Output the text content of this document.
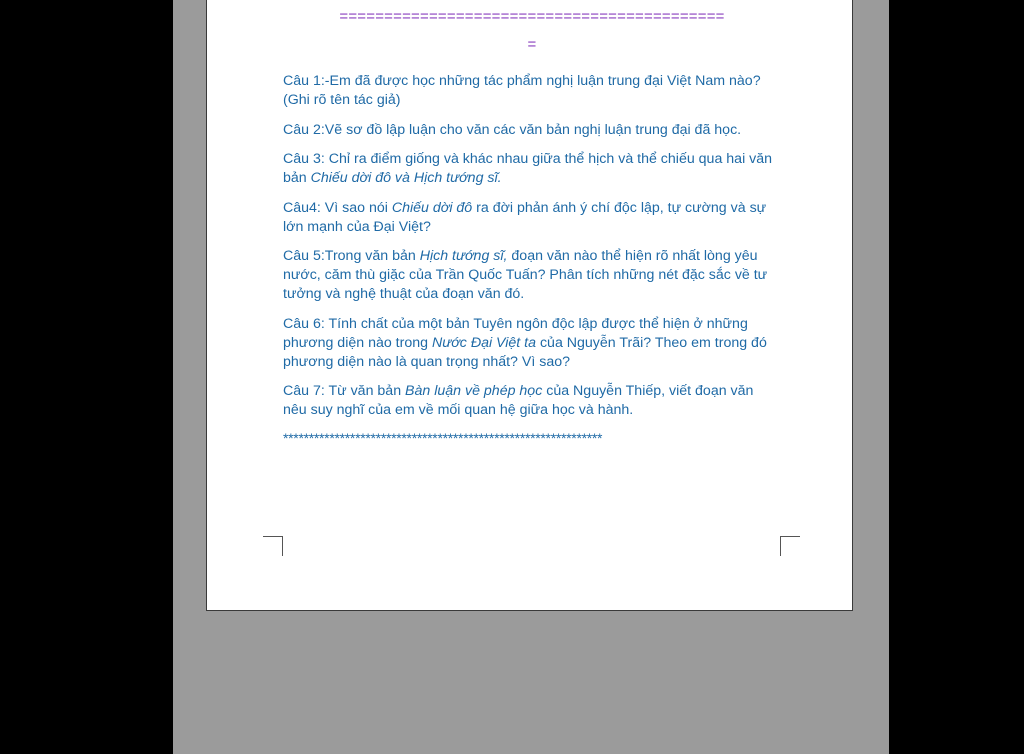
===========================================
=
Câu 1:-Em đã được học những tác phẩm nghị luận trung đại Việt Nam nào? (Ghi rõ tên tác giả)
Câu 2:Vẽ sơ đồ lập luận cho văn các văn bản nghị luận trung đại đã học.
Câu 3: Chỉ ra điểm giống và khác nhau giữa thể hịch và thể chiếu qua hai văn bản Chiếu dời đô và Hịch tướng sĩ.
Câu4: Vì sao nói Chiếu dời đô ra đời phản ánh ý chí độc lập, tự cường và sự lớn mạnh của Đại Việt?
Câu 5:Trong văn bản Hịch tướng sĩ, đoạn văn nào thể hiện rõ nhất lòng yêu nước, căm thù giặc của Trần Quốc Tuấn? Phân tích những nét đặc sắc về tư tưởng và nghệ thuật của đoạn văn đó.
Câu 6: Tính chất của một bản Tuyên ngôn độc lập được thể hiện ở những phương diện nào trong Nước Đại Việt ta của Nguyễn Trãi? Theo em trong đó phương diện nào là quan trọng nhất? Vì sao?
Câu 7: Từ văn bản Bàn luận về phép học của Nguyễn Thiếp, viết đoạn văn nêu suy nghĩ của em về mối quan hệ giữa học và hành.
**************************************************************
